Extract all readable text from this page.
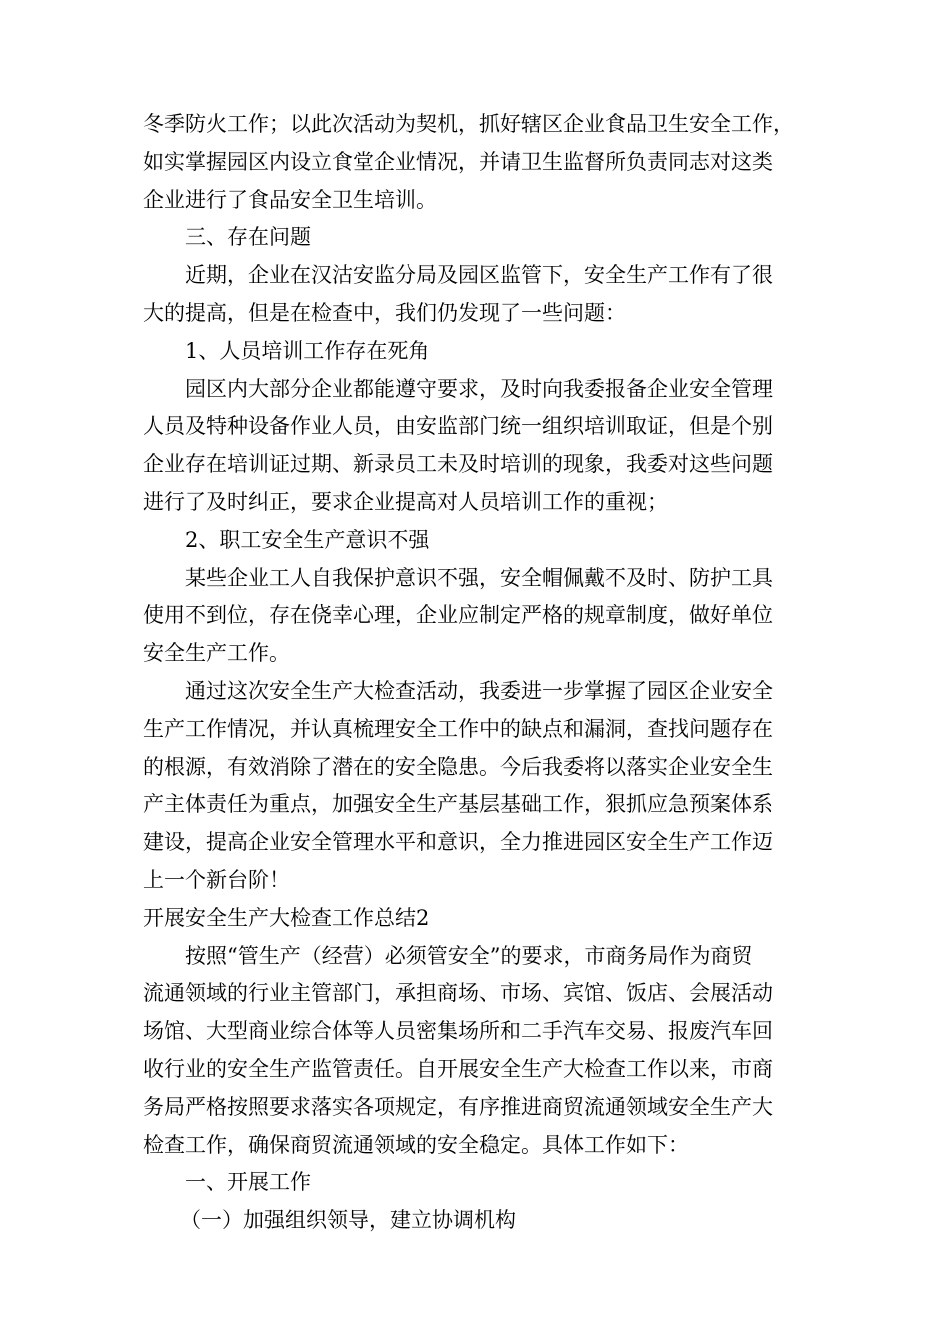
冬季防火工作；以此次活动为契机，抓好辖区企业食品卫生安全工作，
如实掌握园区内设立食堂企业情况，并请卫生监督所负责同志对这类
企业进行了食品安全卫生培训。
三、存在问题
近期，企业在汉沽安监分局及园区监管下，安全生产工作有了很
大的提高，但是在检查中，我们仍发现了一些问题：
1、人员培训工作存在死角
园区内大部分企业都能遵守要求，及时向我委报备企业安全管理
人员及特种设备作业人员，由安监部门统一组织培训取证，但是个别
企业存在培训证过期、新录员工未及时培训的现象，我委对这些问题
进行了及时纠正，要求企业提高对人员培训工作的重视；
2、职工安全生产意识不强
某些企业工人自我保护意识不强，安全帽佩戴不及时、防护工具
使用不到位，存在侥幸心理，企业应制定严格的规章制度，做好单位
安全生产工作。
通过这次安全生产大检查活动，我委进一步掌握了园区企业安全
生产工作情况，并认真梳理安全工作中的缺点和漏洞，查找问题存在
的根源，有效消除了潜在的安全隐患。今后我委将以落实企业安全生
产主体责任为重点，加强安全生产基层基础工作，狠抓应急预案体系
建设，提高企业安全管理水平和意识，全力推进园区安全生产工作迈
上一个新台阶！
开展安全生产大检查工作总结2
按照“管生产（经营）必须管安全”的要求，市商务局作为商贸
流通领域的行业主管部门，承担商场、市场、宾馆、饭店、会展活动
场馆、大型商业综合体等人员密集场所和二手汽车交易、报废汽车回
收行业的安全生产监管责任。自开展安全生产大检查工作以来，市商
务局严格按照要求落实各项规定，有序推进商贸流通领域安全生产大
检查工作，确保商贸流通领域的安全稳定。具体工作如下：
一、开展工作
（一）加强组织领导，建立协调机构
